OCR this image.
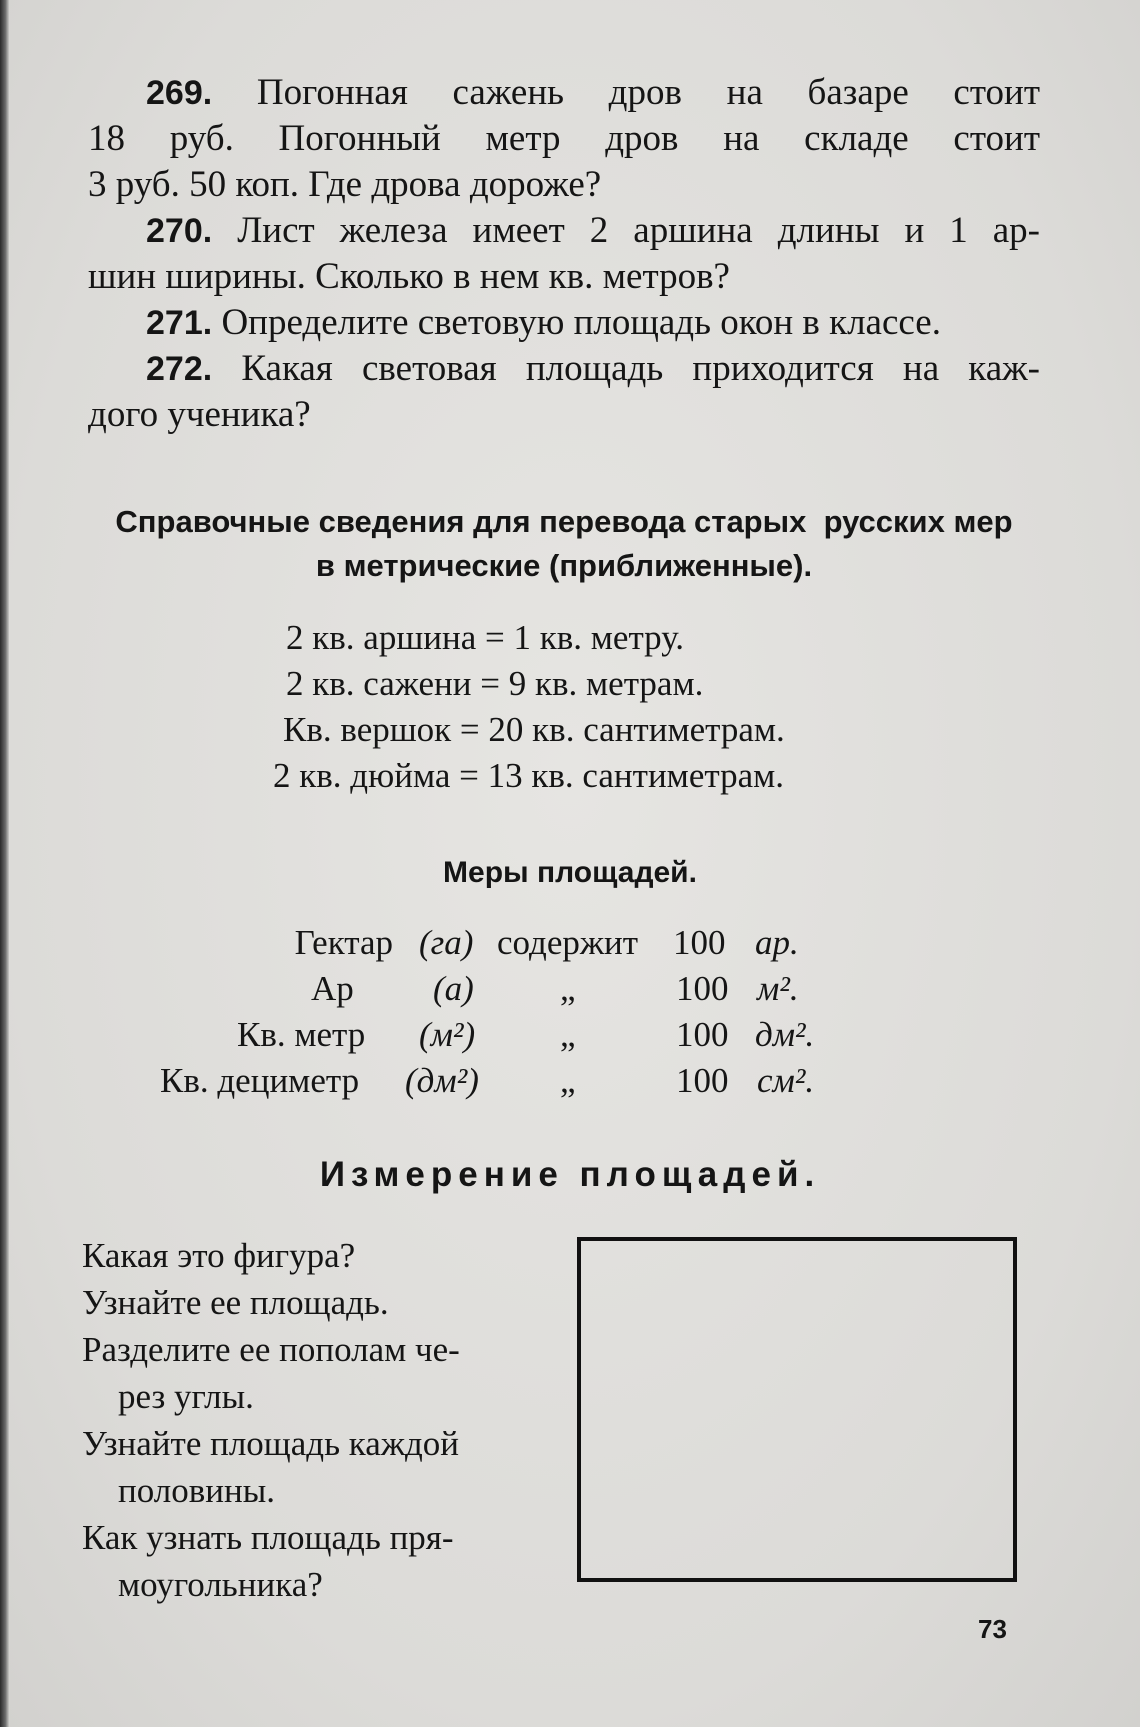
269. Погонная сажень дров на базаре стоит
18 руб. Погонный метр дров на складе стоит
3 руб. 50 коп. Где дрова дороже?
270. Лист железа имеет 2 аршина длины и 1 ар-
шин ширины. Сколько в нем кв. метров?
271. Определите световую площадь окон в классе.
272. Какая световая площадь приходится на каж-
дого ученика?
Справочные сведения для перевода старых  русских мер
в метрические (приближенные).
2 кв. аршина = 1 кв. метру.
2 кв. сажени = 9 кв. метрам.
Кв. вершок = 20 кв. сантиметрам.
2 кв. дюйма = 13 кв. сантиметрам.
Меры площадей.
Гектар (га) содержит 100 ар.
Ар (а) „	100 м².
Кв. метр (м²) „	100 дм².
Кв. дециметр (дм²) „	100 см².
Измерение площадей.
Какая это фигура?
Узнайте ее площадь.
Разделите ее пополам че-
рез углы.
Узнайте площадь каждой
половины.
Как узнать площадь пря-
моугольника?
73
